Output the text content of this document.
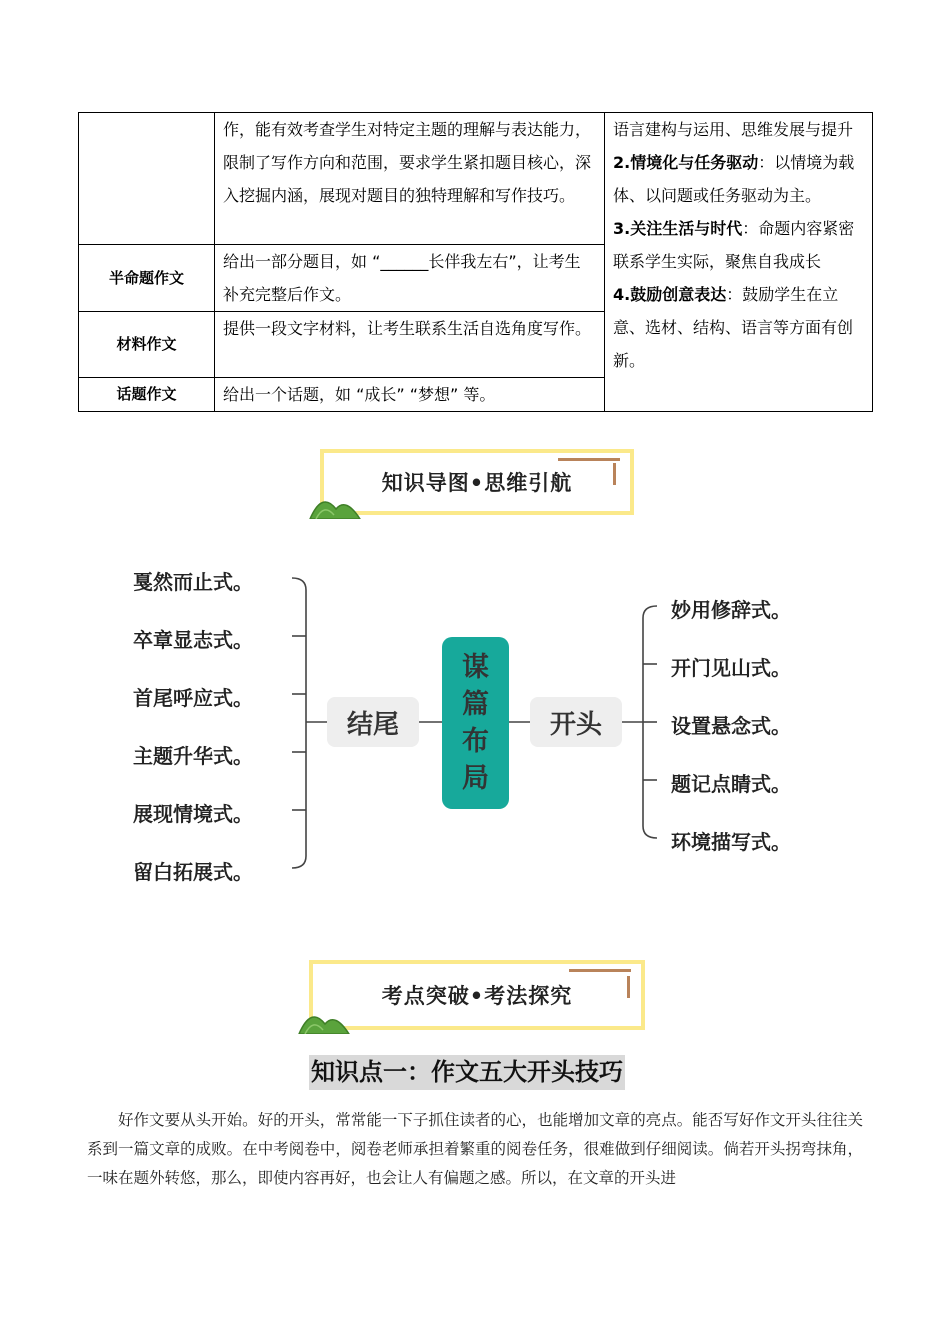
	作，能有效考查学生对特定主题的理解与表达能力，限制了写作方向和范围，要求学生紧扣题目核心，深入挖掘内涵，展现对题目的独特理解和写作技巧。	语言建构与运用、思维发展与提升
2.情境化与任务驱动：以情境为载体、以问题或任务驱动为主。
3.关注生活与时代：命题内容紧密联系学生实际，聚焦自我成长
4.鼓励创意表达：鼓励学生在立意、选材、结构、语言等方面有创新。

半命题作文	给出一部分题目，如 “______长伴我左右”，让考生补充完整后作文。	
材料作文	提供一段文字材料，让考生联系生活自选角度写作。	
话题作文	给出一个话题，如 “成长” “梦想” 等。	
知识导图•思维引航
戛然而止式。
卒章显志式。
首尾呼应式。
主题升华式。
展现情境式。
留白拓展式。
结尾
谋
篇
布
局
开头
妙用修辞式。
开门见山式。
设置悬念式。
题记点睛式。
环境描写式。
考点突破•考法探究
知识点一：作文五大开头技巧
好作文要从头开始。好的开头，常常能一下子抓住读者的心，也能增加文章的亮点。能否写好作文开头往往关系到一篇文章的成败。在中考阅卷中，阅卷老师承担着繁重的阅卷任务，很难做到仔细阅读。倘若开头拐弯抹角，一味在题外转悠，那么，即使内容再好，也会让人有偏题之感。所以，在文章的开头进
